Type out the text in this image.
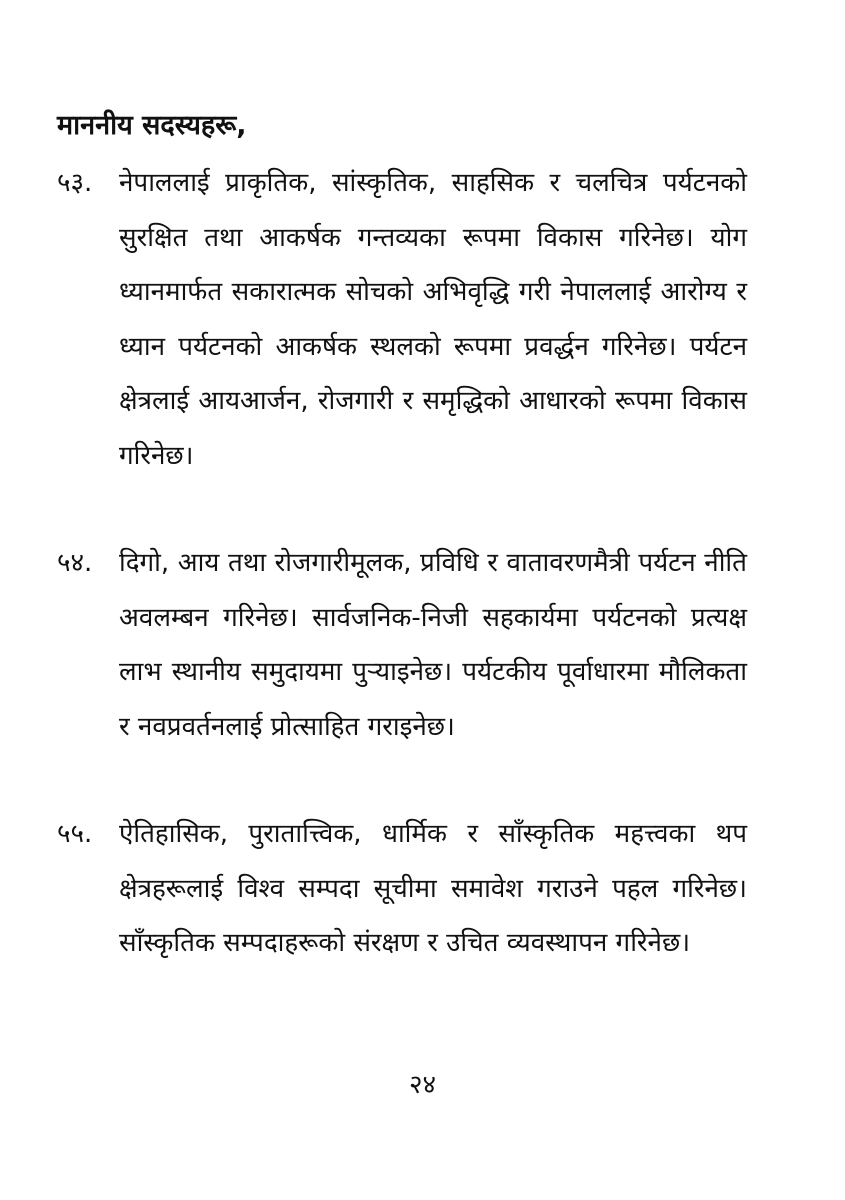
माननीय सदस्यहरू,
५३.	नेपाललाई प्राकृतिक, सांस्कृतिक, साहसिक र चलचित्र पर्यटनको सुरक्षित तथा आकर्षक गन्तव्यका रूपमा विकास गरिनेछ। योग ध्यानमार्फत सकारात्मक सोचको अभिवृद्धि गरी नेपाललाई आरोग्य र ध्यान पर्यटनको आकर्षक स्थलको रूपमा प्रवर्द्धन गरिनेछ। पर्यटन क्षेत्रलाई आयआर्जन, रोजगारी र समृद्धिको आधारको रूपमा विकास गरिनेछ।
५४.	दिगो, आय तथा रोजगारीमूलक, प्रविधि र वातावरणमैत्री पर्यटन नीति अवलम्बन गरिनेछ। सार्वजनिक-निजी सहकार्यमा पर्यटनको प्रत्यक्ष लाभ स्थानीय समुदायमा पुऱ्याइनेछ। पर्यटकीय पूर्वाधारमा मौलिकता र नवप्रवर्तनलाई प्रोत्साहित गराइनेछ।
५५.	ऐतिहासिक, पुरातात्त्विक, धार्मिक र साँस्कृतिक महत्त्वका थप क्षेत्रहरूलाई विश्व सम्पदा सूचीमा समावेश गराउने पहल गरिनेछ। साँस्कृतिक सम्पदाहरूको संरक्षण र उचित व्यवस्थापन गरिनेछ।
२४
